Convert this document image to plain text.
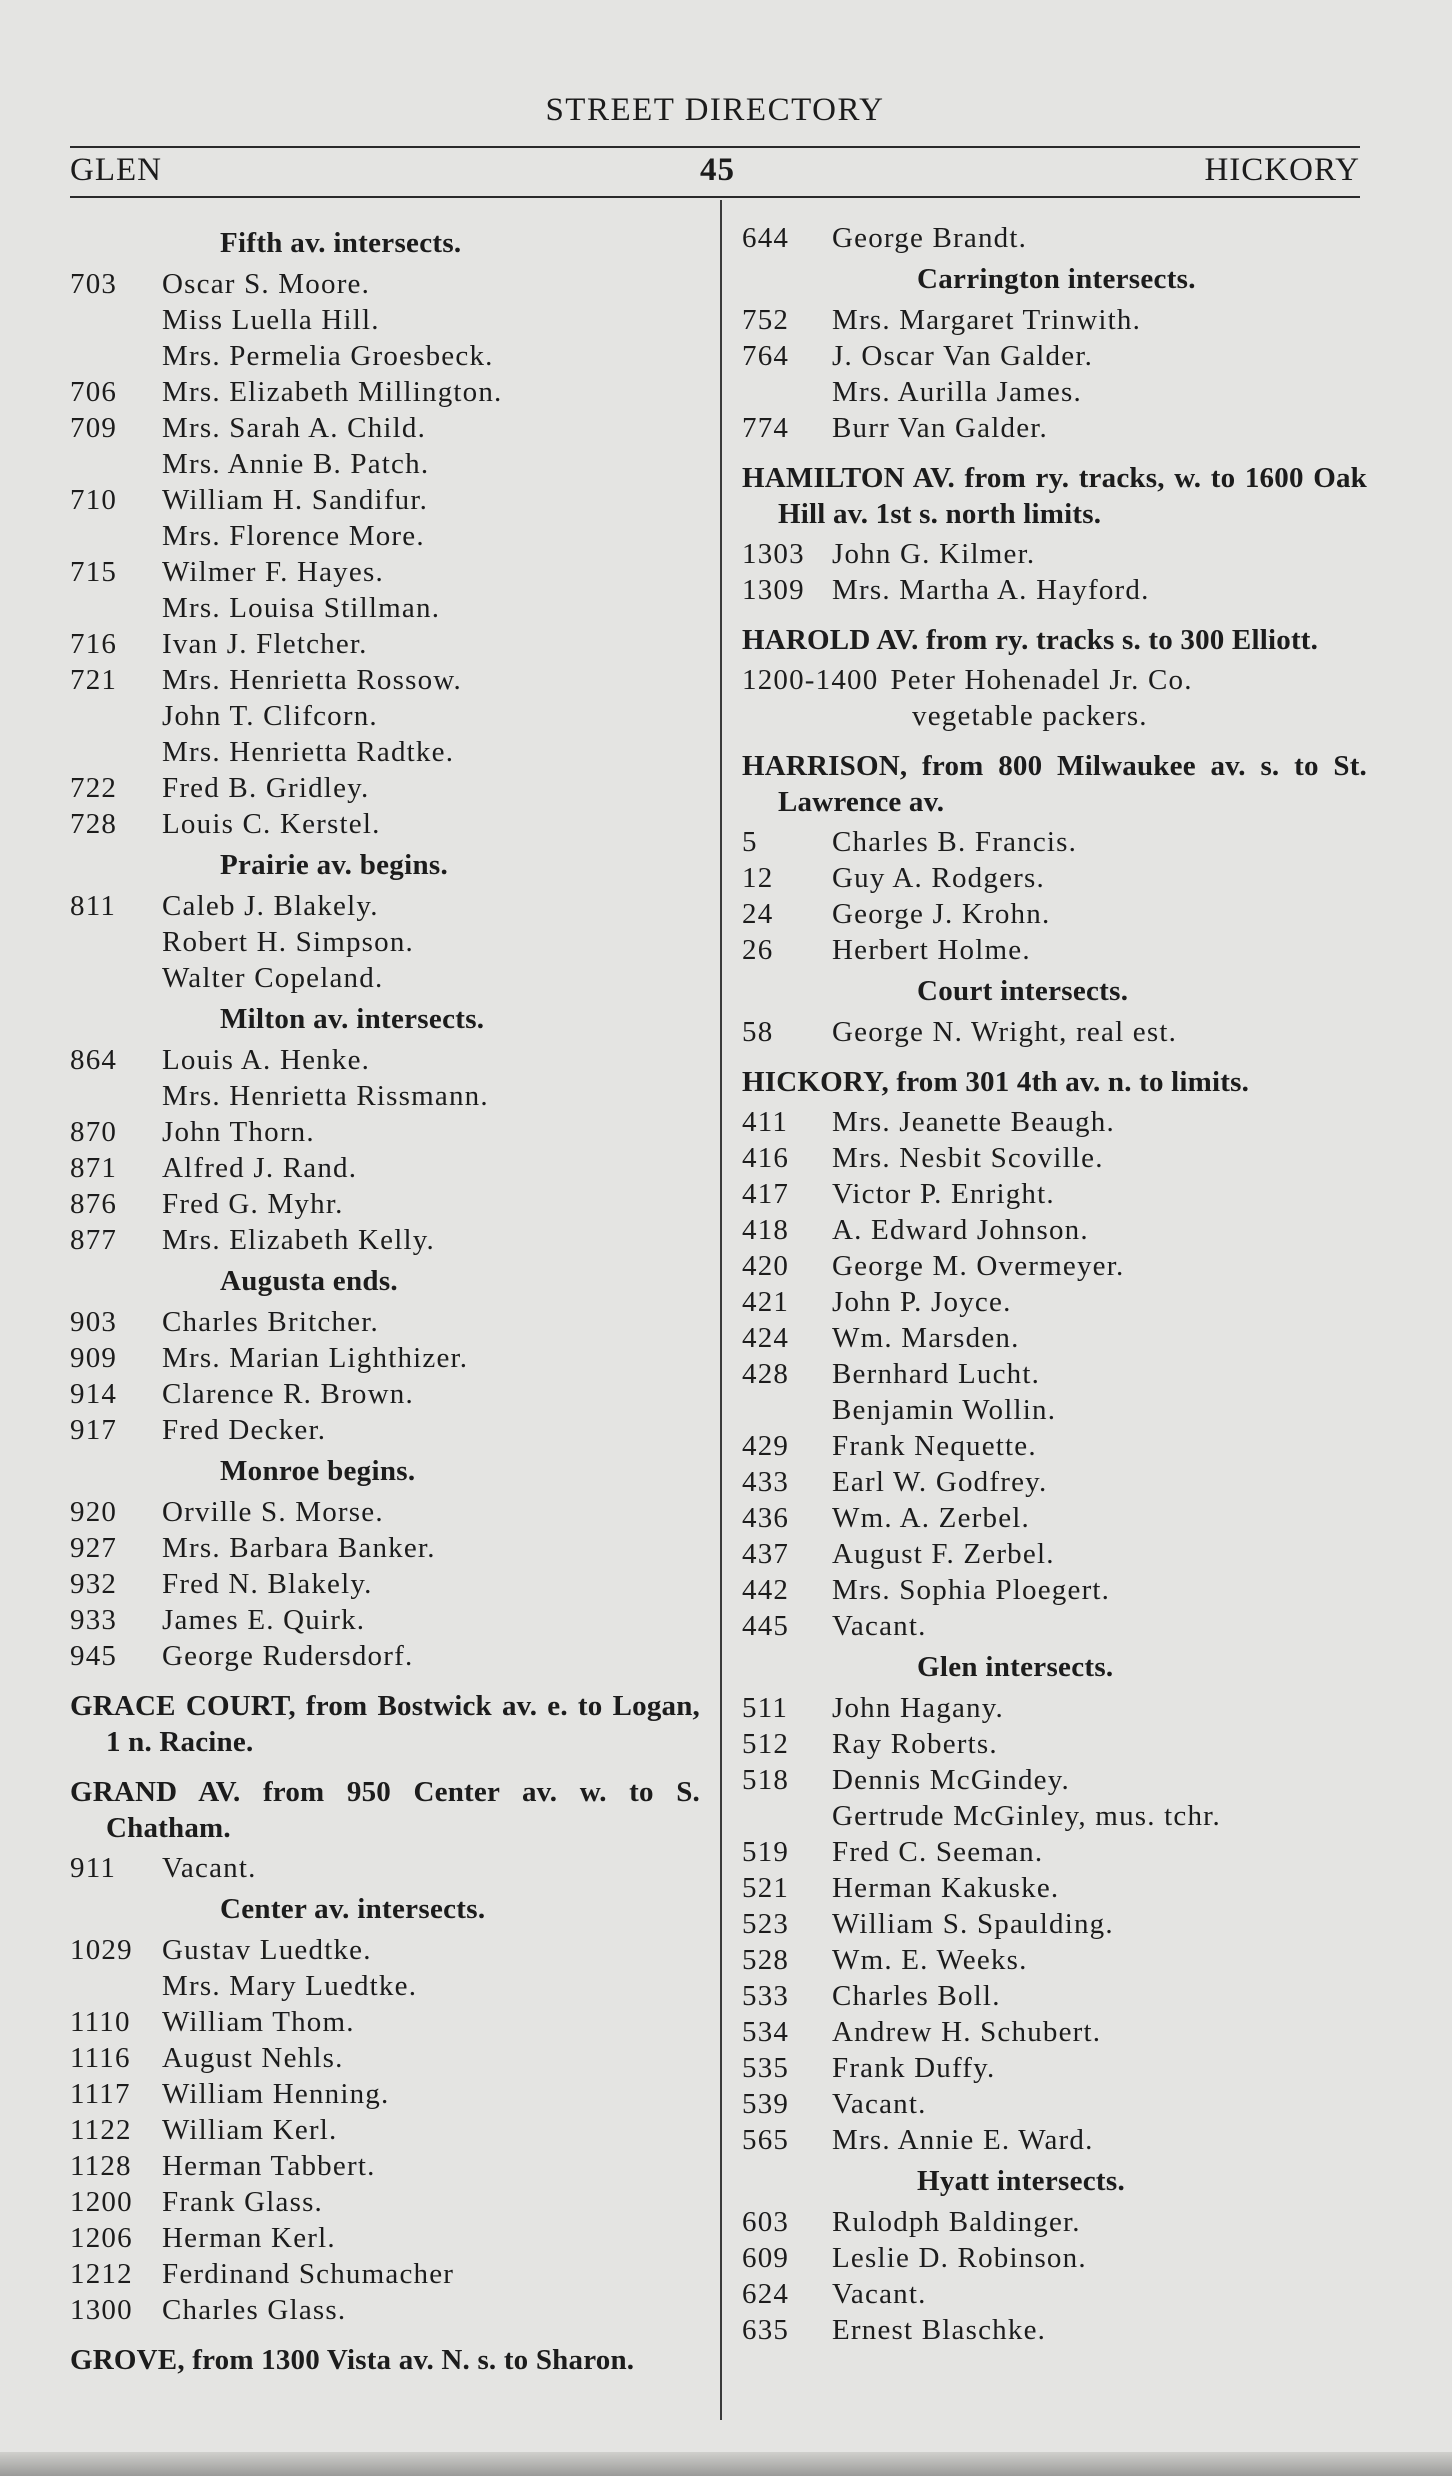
STREET DIRECTORY
GLEN	45	HICKORY
Fifth av. intersects.
703	Oscar S. Moore.
Miss Luella Hill.
Mrs. Permelia Groesbeck.
706	Mrs. Elizabeth Millington.
709	Mrs. Sarah A. Child.
Mrs. Annie B. Patch.
710	William H. Sandifur.
Mrs. Florence More.
715	Wilmer F. Hayes.
Mrs. Louisa Stillman.
716	Ivan J. Fletcher.
721	Mrs. Henrietta Rossow.
John T. Clifcorn.
Mrs. Henrietta Radtke.
722	Fred B. Gridley.
728	Louis C. Kerstel.
Prairie av. begins.
811	Caleb J. Blakely.
Robert H. Simpson.
Walter Copeland.
Milton av. intersects.
864	Louis A. Henke.
Mrs. Henrietta Rissmann.
870	John Thorn.
871	Alfred J. Rand.
876	Fred G. Myhr.
877	Mrs. Elizabeth Kelly.
Augusta ends.
903	Charles Britcher.
909	Mrs. Marian Lighthizer.
914	Clarence R. Brown.
917	Fred Decker.
Monroe begins.
920	Orville S. Morse.
927	Mrs. Barbara Banker.
932	Fred N. Blakely.
933	James E. Quirk.
945	George Rudersdorf.
GRACE COURT, from Bostwick av. e. to Logan, 1 n. Racine.
GRAND AV. from 950 Center av. w. to S. Chatham.
911	Vacant.
Center av. intersects.
1029	Gustav Luedtke.
Mrs. Mary Luedtke.
1110	William Thom.
1116	August Nehls.
1117	William Henning.
1122	William Kerl.
1128	Herman Tabbert.
1200	Frank Glass.
1206	Herman Kerl.
1212	Ferdinand Schumacher
1300	Charles Glass.
GROVE, from 1300 Vista av. N. s. to Sharon.
644	George Brandt.
Carrington intersects.
752	Mrs. Margaret Trinwith.
764	J. Oscar Van Galder.
Mrs. Aurilla James.
774	Burr Van Galder.
HAMILTON AV. from ry. tracks, w. to 1600 Oak Hill av. 1st s. north limits.
1303 John G. Kilmer.
1309 Mrs. Martha A. Hayford.
HAROLD AV. from ry. tracks s. to 300 Elliott.
1200-1400 Peter Hohenadel Jr. Co.
vegetable packers.
HARRISON, from 800 Milwaukee av. s. to St. Lawrence av.
5	Charles B. Francis.
12	Guy A. Rodgers.
24	George J. Krohn.
26	Herbert Holme.
Court intersects.
58	George N. Wright, real est.
HICKORY, from 301 4th av. n. to limits.
411	Mrs. Jeanette Beaugh.
416	Mrs. Nesbit Scoville.
417	Victor P. Enright.
418	A. Edward Johnson.
420	George M. Overmeyer.
421	John P. Joyce.
424	Wm. Marsden.
428	Bernhard Lucht.
Benjamin Wollin.
429	Frank Nequette.
433	Earl W. Godfrey.
436	Wm. A. Zerbel.
437	August F. Zerbel.
442	Mrs. Sophia Ploegert.
445	Vacant.
Glen intersects.
511	John Hagany.
512	Ray Roberts.
518	Dennis McGindey.
Gertrude McGinley, mus. tchr.
519	Fred C. Seeman.
521	Herman Kakuske.
523	William S. Spaulding.
528	Wm. E. Weeks.
533	Charles Boll.
534	Andrew H. Schubert.
535	Frank Duffy.
539	Vacant.
565	Mrs. Annie E. Ward.
Hyatt intersects.
603	Rulodph Baldinger.
609	Leslie D. Robinson.
624	Vacant.
635	Ernest Blaschke.
